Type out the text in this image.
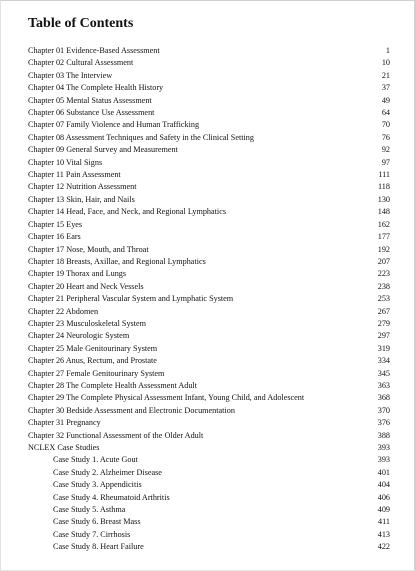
Table of Contents
Chapter 01 Evidence-Based Assessment	1
Chapter 02 Cultural Assessment	10
Chapter 03 The Interview	21
Chapter 04 The Complete Health History	37
Chapter 05 Mental Status Assessment	49
Chapter 06 Substance Use Assessment	64
Chapter 07 Family Violence and Human Trafficking	70
Chapter 08 Assessment Techniques and Safety in the Clinical Setting	76
Chapter 09 General Survey and Measurement	92
Chapter 10 Vital Signs	97
Chapter 11 Pain Assessment	111
Chapter 12 Nutrition Assessment	118
Chapter 13 Skin, Hair, and Nails	130
Chapter 14 Head, Face, and Neck, and Regional Lymphatics	148
Chapter 15 Eyes	162
Chapter 16 Ears	177
Chapter 17 Nose, Mouth, and Throat	192
Chapter 18 Breasts, Axillae, and Regional Lymphatics	207
Chapter 19 Thorax and Lungs	223
Chapter 20 Heart and Neck Vessels	238
Chapter 21 Peripheral Vascular System and Lymphatic System	253
Chapter 22 Abdomen	267
Chapter 23 Musculoskeletal System	279
Chapter 24 Neurologic System	297
Chapter 25 Male Genitourinary System	319
Chapter 26 Anus, Rectum, and Prostate	334
Chapter 27 Female Genitourinary System	345
Chapter 28 The Complete Health Assessment Adult	363
Chapter 29 The Complete Physical Assessment Infant, Young Child, and Adolescent	368
Chapter 30 Bedside Assessment and Electronic Documentation	370
Chapter 31 Pregnancy	376
Chapter 32 Functional Assessment of the Older Adult	388
NCLEX Case Studies	393
Case Study 1. Acute Gout	393
Case Study 2. Alzheimer Disease	401
Case Study 3. Appendicitis	404
Case Study 4. Rheumatoid Arthritis	406
Case Study 5. Asthma	409
Case Study 6. Breast Mass	411
Case Study 7. Cirrhosis	413
Case Study 8. Heart Failure	422
